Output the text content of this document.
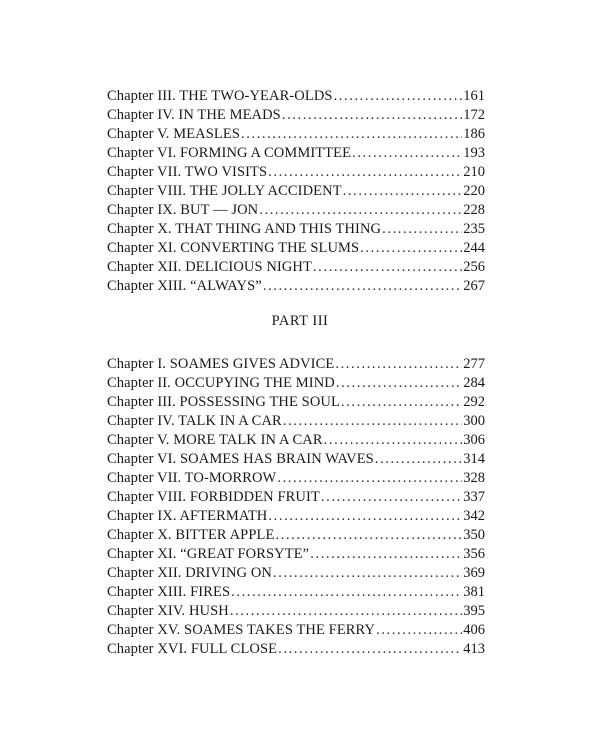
Chapter III. THE TWO-YEAR-OLDS .....	161
Chapter IV. IN THE MEADS .....	172
Chapter V. MEASLES .....	186
Chapter VI. FORMING A COMMITTEE .....	193
Chapter VII. TWO VISITS .....	210
Chapter VIII. THE JOLLY ACCIDENT .....	220
Chapter IX. BUT — JON .....	228
Chapter X. THAT THING AND THIS THING .....	235
Chapter XI. CONVERTING THE SLUMS .....	244
Chapter XII. DELICIOUS NIGHT .....	256
Chapter XIII. “ALWAYS” .....	267
PART III
Chapter I. SOAMES GIVES ADVICE .....	277
Chapter II. OCCUPYING THE MIND .....	284
Chapter III. POSSESSING THE SOUL .....	292
Chapter IV. TALK IN A CAR .....	300
Chapter V. MORE TALK IN A CAR .....	306
Chapter VI. SOAMES HAS BRAIN WAVES .....	314
Chapter VII. TO-MORROW .....	328
Chapter VIII. FORBIDDEN FRUIT .....	337
Chapter IX. AFTERMATH .....	342
Chapter X. BITTER APPLE .....	350
Chapter XI. “GREAT FORSYTE” .....	356
Chapter XII. DRIVING ON .....	369
Chapter XIII. FIRES .....	381
Chapter XIV. HUSH .....	395
Chapter XV. SOAMES TAKES THE FERRY .....	406
Chapter XVI. FULL CLOSE .....	413
